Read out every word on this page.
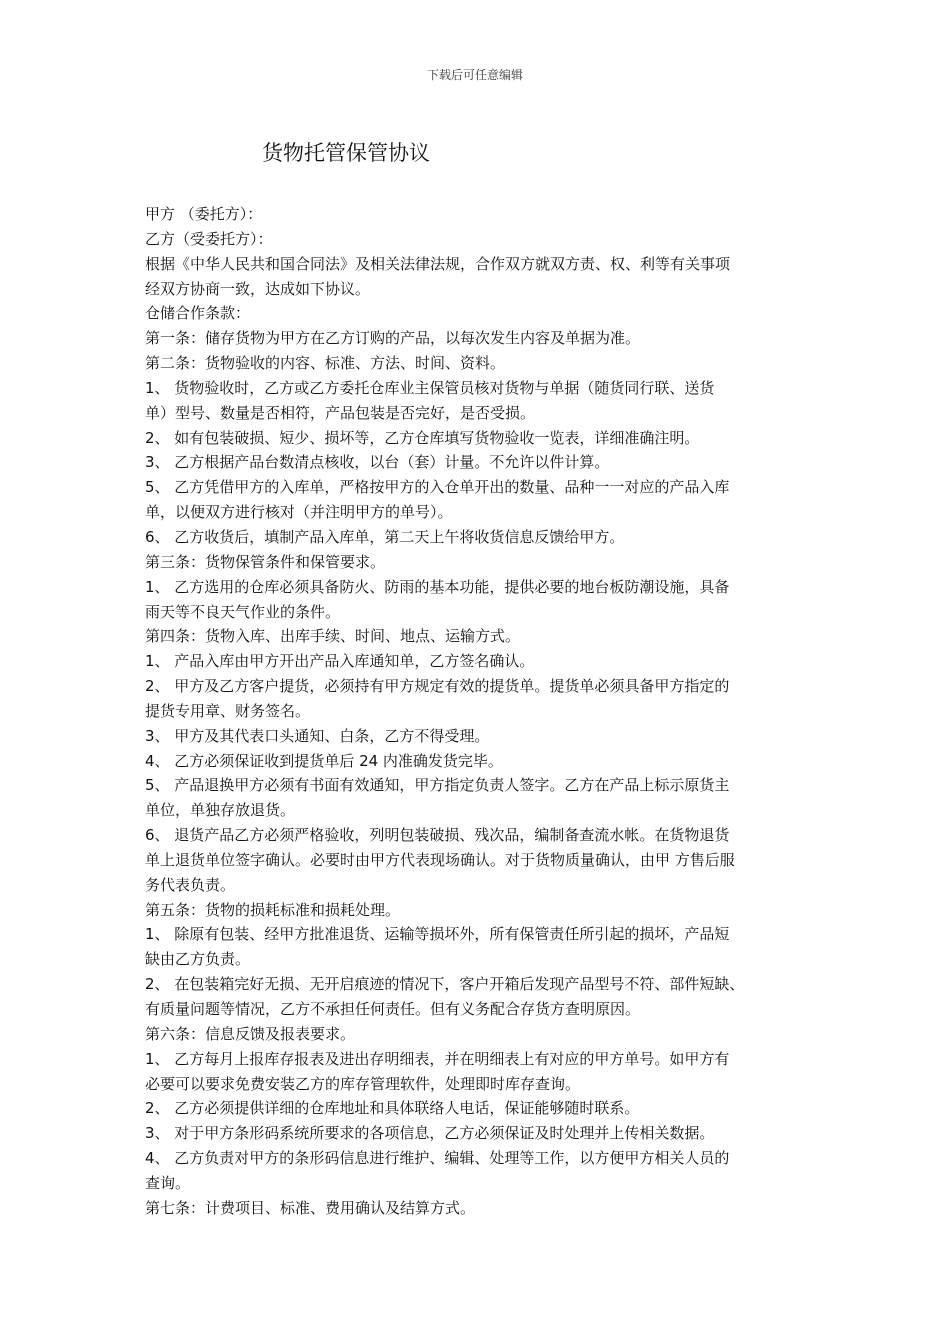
下载后可任意编辑
货物托管保管协议
甲方 （委托方）：
乙方（受委托方）：
根据《中华人民共和国合同法》及相关法律法规，合作双方就双方责、权、利等有关事项
经双方协商一致，达成如下协议。
仓储合作条款：
第一条：储存货物为甲方在乙方订购的产品，以每次发生内容及单据为准。
第二条：货物验收的内容、标准、方法、时间、资料。
1、 货物验收时，乙方或乙方委托仓库业主保管员核对货物与单据（随货同行联、送货
单）型号、数量是否相符，产品包装是否完好，是否受损。
2、 如有包装破损、短少、损坏等，乙方仓库填写货物验收一览表，详细准确注明。
3、 乙方根据产品台数清点核收，以台（套）计量。不允许以件计算。
5、 乙方凭借甲方的入库单，严格按甲方的入仓单开出的数量、品种一一对应的产品入库
单，以便双方进行核对（并注明甲方的单号）。
6、 乙方收货后，填制产品入库单，第二天上午将收货信息反馈给甲方。
第三条：货物保管条件和保管要求。
1、 乙方选用的仓库必须具备防火、防雨的基本功能，提供必要的地台板防潮设施，具备
雨天等不良天气作业的条件。
第四条：货物入库、出库手续、时间、地点、运输方式。
1、 产品入库由甲方开出产品入库通知单，乙方签名确认。
2、 甲方及乙方客户提货，必须持有甲方规定有效的提货单。提货单必须具备甲方指定的
提货专用章、财务签名。
3、 甲方及其代表口头通知、白条，乙方不得受理。
4、 乙方必须保证收到提货单后 24 内准确发货完毕。
5、 产品退换甲方必须有书面有效通知，甲方指定负责人签字。乙方在产品上标示原货主
单位，单独存放退货。
6、 退货产品乙方必须严格验收，列明包装破损、残次品，编制备查流水帐。在货物退货
单上退货单位签字确认。必要时由甲方代表现场确认。对于货物质量确认，由甲 方售后服
务代表负责。
第五条：货物的损耗标准和损耗处理。
1、 除原有包装、经甲方批准退货、运输等损坏外，所有保管责任所引起的损坏，产品短
缺由乙方负责。
2、 在包装箱完好无损、无开启痕迹的情况下，客户开箱后发现产品型号不符、部件短缺、
有质量问题等情况，乙方不承担任何责任。但有义务配合存货方查明原因。
第六条：信息反馈及报表要求。
1、 乙方每月上报库存报表及进出存明细表，并在明细表上有对应的甲方单号。如甲方有
必要可以要求免费安装乙方的库存管理软件，处理即时库存查询。
2、 乙方必须提供详细的仓库地址和具体联络人电话，保证能够随时联系。
3、 对于甲方条形码系统所要求的各项信息，乙方必须保证及时处理并上传相关数据。
4、 乙方负责对甲方的条形码信息进行维护、编辑、处理等工作，以方便甲方相关人员的
查询。
第七条：计费项目、标准、费用确认及结算方式。
